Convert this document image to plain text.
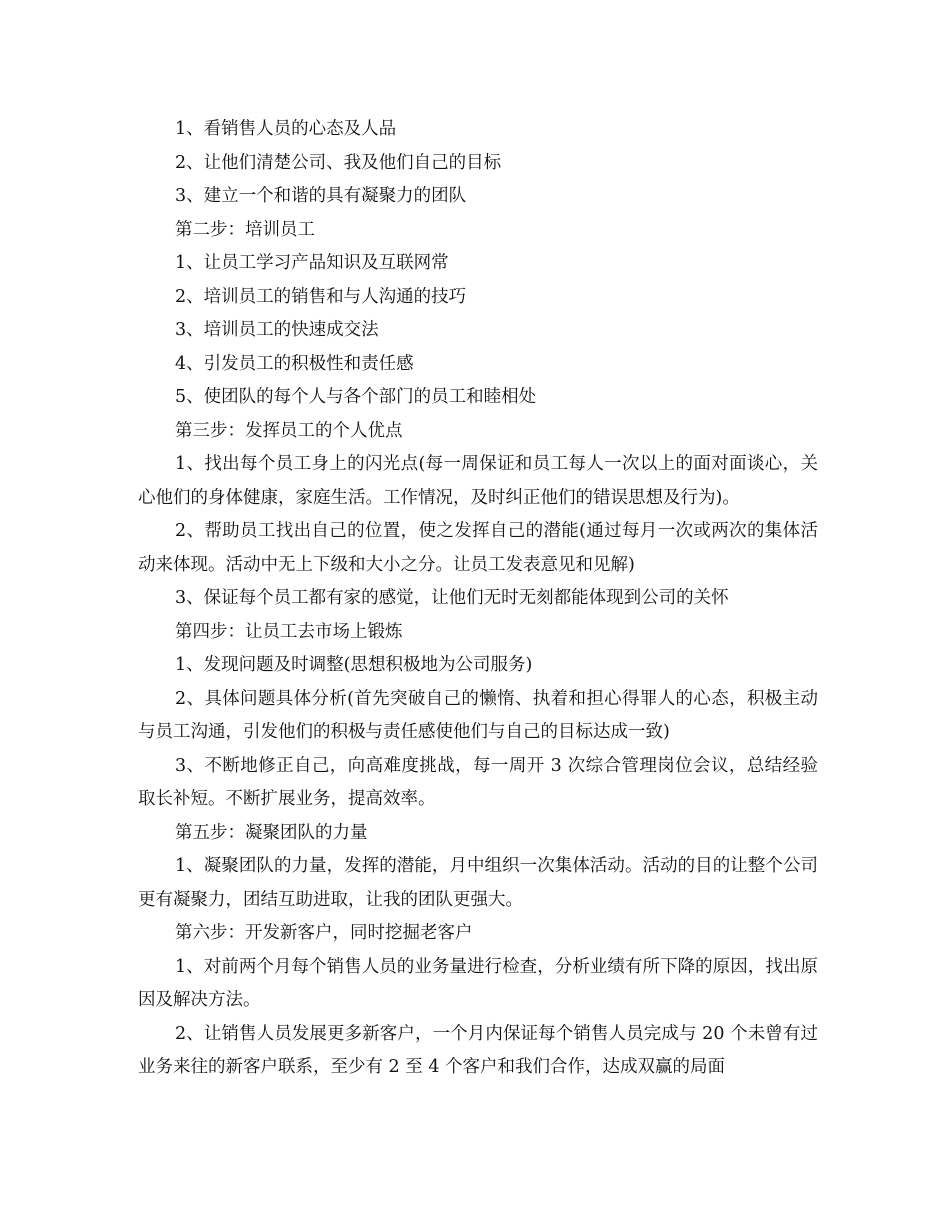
1、看销售人员的心态及人品

2、让他们清楚公司、我及他们自己的目标

3、建立一个和谐的具有凝聚力的团队

第二步：培训员工

1、让员工学习产品知识及互联网常

2、培训员工的销售和与人沟通的技巧

3、培训员工的快速成交法

4、引发员工的积极性和责任感

5、使团队的每个人与各个部门的员工和睦相处

第三步：发挥员工的个人优点

1、找出每个员工身上的闪光点(每一周保证和员工每人一次以上的面对面谈心，关心他们的身体健康，家庭生活。工作情况，及时纠正他们的错误思想及行为)。

2、帮助员工找出自己的位置，使之发挥自己的潜能(通过每月一次或两次的集体活动来体现。活动中无上下级和大小之分。让员工发表意见和见解)

3、保证每个员工都有家的感觉，让他们无时无刻都能体现到公司的关怀

第四步：让员工去市场上锻炼

1、发现问题及时调整(思想积极地为公司服务)

2、具体问题具体分析(首先突破自己的懒惰、执着和担心得罪人的心态，积极主动与员工沟通，引发他们的积极与责任感使他们与自己的目标达成一致)

3、不断地修正自己，向高难度挑战，每一周开 3 次综合管理岗位会议，总结经验取长补短。不断扩展业务，提高效率。

第五步：凝聚团队的力量

1、凝聚团队的力量，发挥的潜能，月中组织一次集体活动。活动的目的让整个公司更有凝聚力，团结互助进取，让我的团队更强大。

第六步：开发新客户，同时挖掘老客户

1、对前两个月每个销售人员的业务量进行检查，分析业绩有所下降的原因，找出原因及解决方法。

2、让销售人员发展更多新客户，一个月内保证每个销售人员完成与 20 个未曾有过业务来往的新客户联系，至少有 2 至 4 个客户和我们合作，达成双赢的局面
